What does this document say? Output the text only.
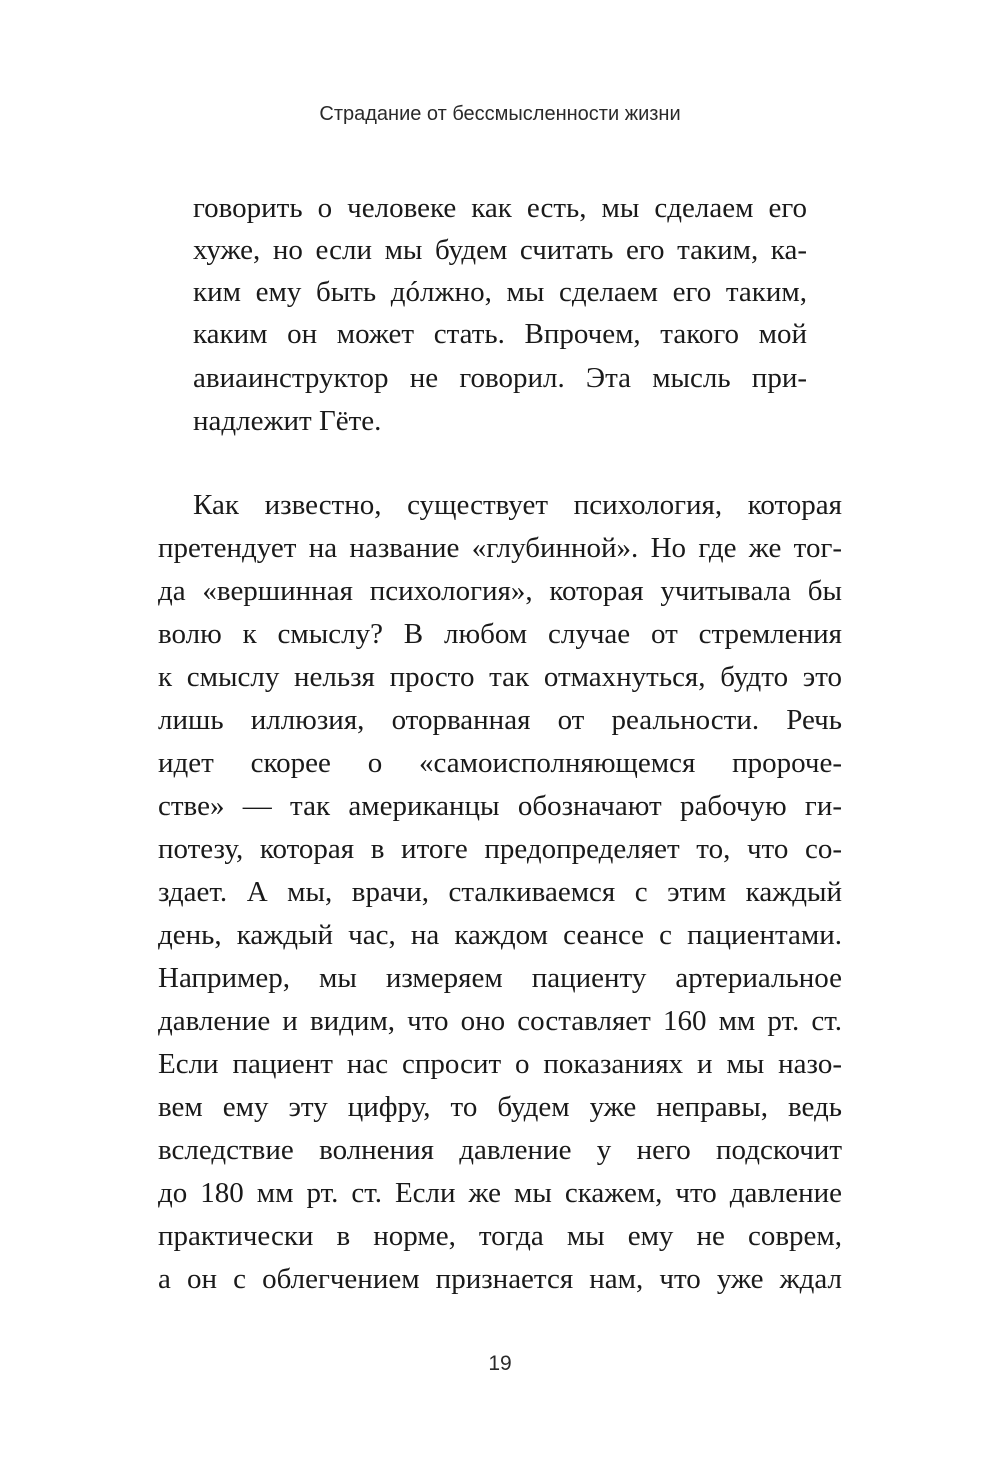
Страдание от бессмысленности жизни
говорить о человеке как есть, мы сделаем его
хуже, но если мы будем считать его таким, ка-
ким ему быть дóлжно, мы сделаем его таким,
каким он может стать. Впрочем, такого мой
авиаинструктор не говорил. Эта мысль при-
надлежит Гёте.
Как известно, существует психология, которая
претендует на название «глубинной». Но где же тог-
да «вершинная психология», которая учитывала бы
волю к смыслу? В любом случае от стремления
к смыслу нельзя просто так отмахнуться, будто это
лишь иллюзия, оторванная от реальности. Речь
идет скорее о «самоисполняющемся пророче-
стве» — так американцы обозначают рабочую ги-
потезу, которая в итоге предопределяет то, что со-
здает. А мы, врачи, сталкиваемся с этим каждый
день, каждый час, на каждом сеансе с пациентами.
Например, мы измеряем пациенту артериальное
давление и видим, что оно составляет 160 мм рт. ст.
Если пациент нас спросит о показаниях и мы назо-
вем ему эту цифру, то будем уже неправы, ведь
вследствие волнения давление у него подскочит
до 180 мм рт. ст. Если же мы скажем, что давление
практически в норме, тогда мы ему не соврем,
а он с облегчением признается нам, что уже ждал
19
